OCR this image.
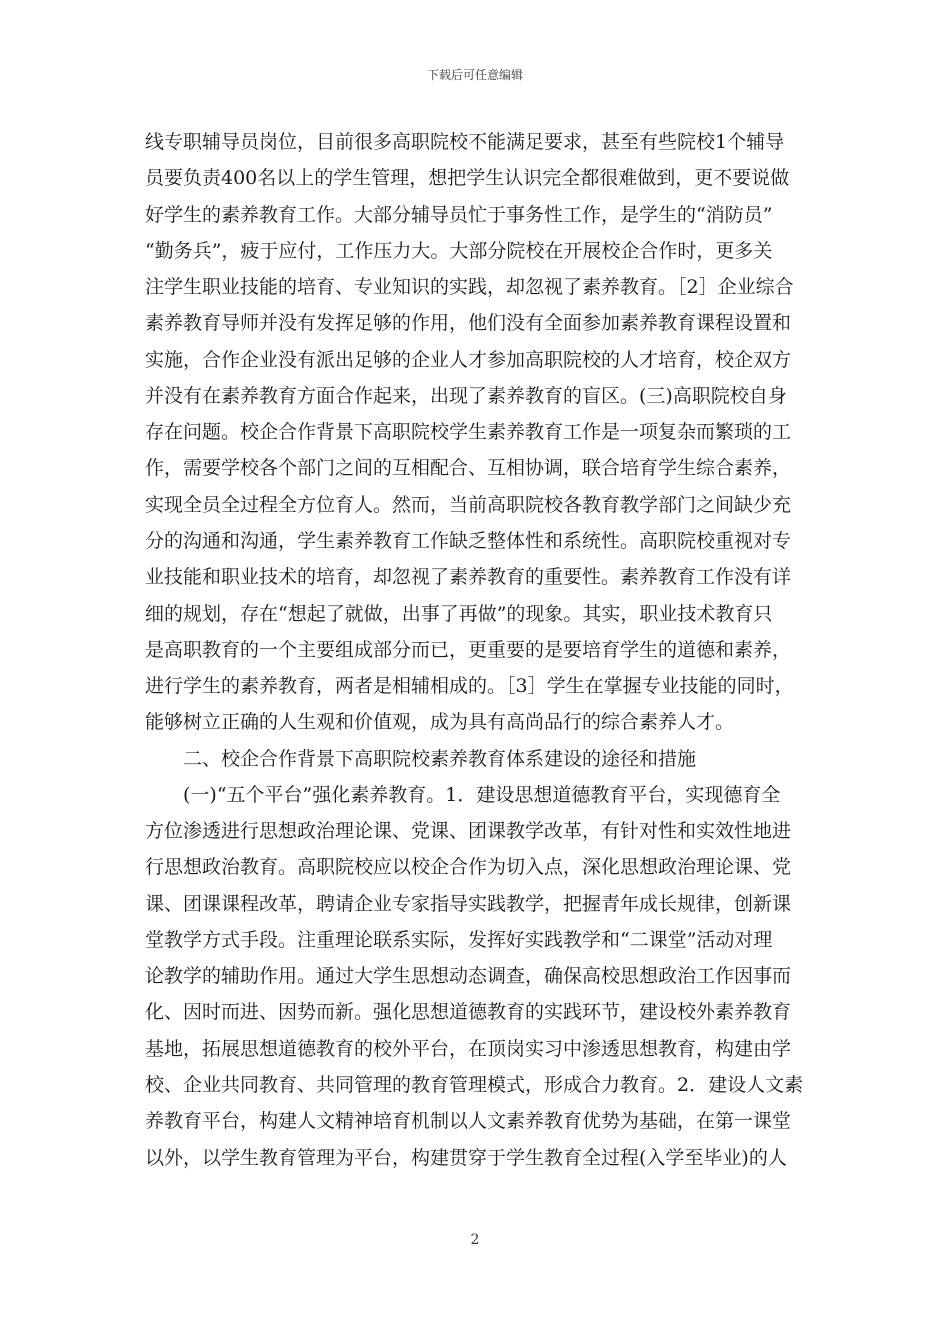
下载后可任意编辑
线专职辅导员岗位，目前很多高职院校不能满足要求，甚至有些院校1个辅导
员要负责400名以上的学生管理，想把学生认识完全都很难做到，更不要说做
好学生的素养教育工作。大部分辅导员忙于事务性工作，是学生的“消防员”
“勤务兵”，疲于应付，工作压力大。大部分院校在开展校企合作时，更多关
注学生职业技能的培育、专业知识的实践，却忽视了素养教育。［2］企业综合
素养教育导师并没有发挥足够的作用，他们没有全面参加素养教育课程设置和
实施，合作企业没有派出足够的企业人才参加高职院校的人才培育，校企双方
并没有在素养教育方面合作起来，出现了素养教育的盲区。(三)高职院校自身
存在问题。校企合作背景下高职院校学生素养教育工作是一项复杂而繁琐的工
作，需要学校各个部门之间的互相配合、互相协调，联合培育学生综合素养，
实现全员全过程全方位育人。然而，当前高职院校各教育教学部门之间缺少充
分的沟通和沟通，学生素养教育工作缺乏整体性和系统性。高职院校重视对专
业技能和职业技术的培育，却忽视了素养教育的重要性。素养教育工作没有详
细的规划，存在“想起了就做，出事了再做”的现象。其实，职业技术教育只
是高职教育的一个主要组成部分而已，更重要的是要培育学生的道德和素养，
进行学生的素养教育，两者是相辅相成的。［3］学生在掌握专业技能的同时，
能够树立正确的人生观和价值观，成为具有高尚品行的综合素养人才。
　　二、校企合作背景下高职院校素养教育体系建设的途径和措施
　　(一)“五个平台”强化素养教育。1．建设思想道德教育平台，实现德育全
方位渗透进行思想政治理论课、党课、团课教学改革，有针对性和实效性地进
行思想政治教育。高职院校应以校企合作为切入点，深化思想政治理论课、党
课、团课课程改革，聘请企业专家指导实践教学，把握青年成长规律，创新课
堂教学方式手段。注重理论联系实际，发挥好实践教学和“二课堂”活动对理
论教学的辅助作用。通过大学生思想动态调查，确保高校思想政治工作因事而
化、因时而进、因势而新。强化思想道德教育的实践环节，建设校外素养教育
基地，拓展思想道德教育的校外平台，在顶岗实习中渗透思想教育，构建由学
校、企业共同教育、共同管理的教育管理模式，形成合力教育。2．建设人文素
养教育平台，构建人文精神培育机制以人文素养教育优势为基础，在第一课堂
以外，以学生教育管理为平台，构建贯穿于学生教育全过程(入学至毕业)的人
2
